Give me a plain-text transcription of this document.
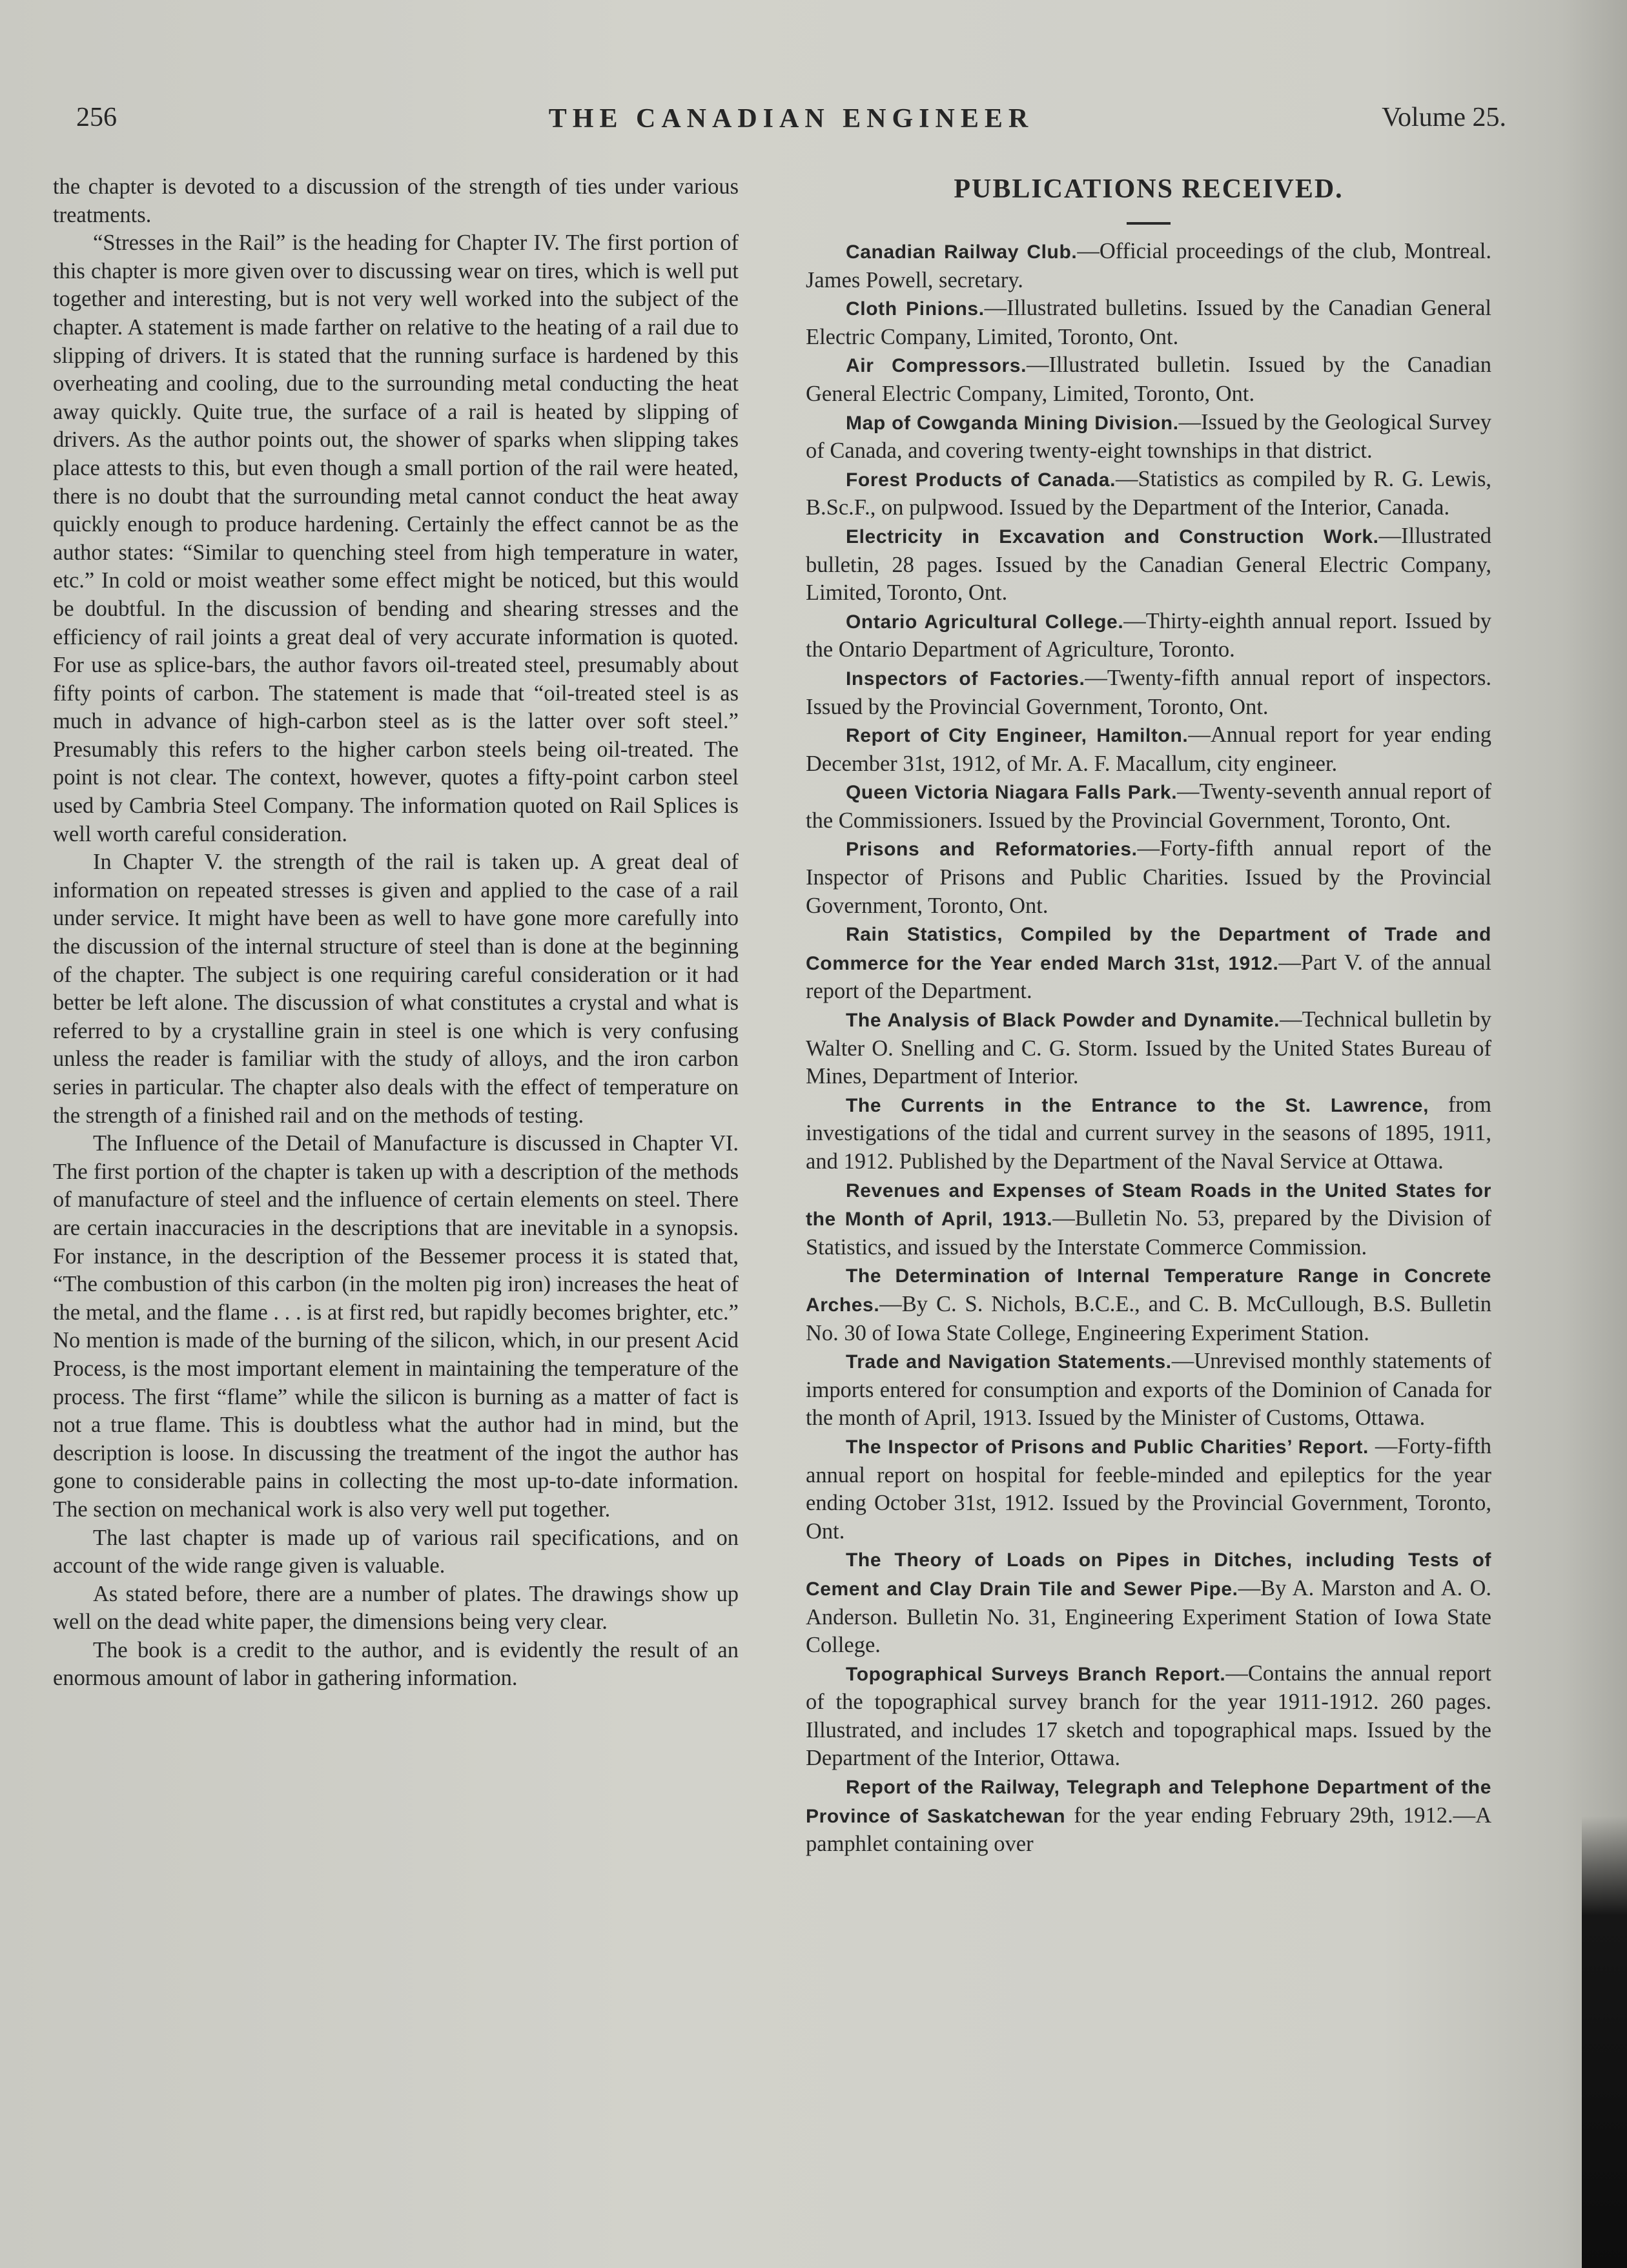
256	THE CANADIAN ENGINEER	Volume 25.

the chapter is devoted to a discussion of the strength of ties under various treatments.

“Stresses in the Rail” is the heading for Chapter IV. The first portion of this chapter is more given over to discussing wear on tires, which is well put together and interesting, but is not very well worked into the subject of the chapter. A statement is made farther on relative to the heating of a rail due to slipping of drivers. It is stated that the running surface is hardened by this overheating and cooling, due to the surrounding metal conducting the heat away quickly. Quite true, the surface of a rail is heated by slipping of drivers. As the author points out, the shower of sparks when slipping takes place attests to this, but even though a small portion of the rail were heated, there is no doubt that the surrounding metal cannot conduct the heat away quickly enough to produce hardening. Certainly the effect cannot be as the author states: “Similar to quenching steel from high temperature in water, etc.” In cold or moist weather some effect might be noticed, but this would be doubtful. In the discussion of bending and shearing stresses and the efficiency of rail joints a great deal of very accurate information is quoted. For use as splice-bars, the author favors oil-treated steel, presumably about fifty points of carbon. The statement is made that “oil-treated steel is as much in advance of high-carbon steel as is the latter over soft steel.” Presumably this refers to the higher carbon steels being oil-treated. The point is not clear. The context, however, quotes a fifty-point carbon steel used by Cambria Steel Company. The information quoted on Rail Splices is well worth careful consideration.

In Chapter V. the strength of the rail is taken up. A great deal of information on repeated stresses is given and applied to the case of a rail under service. It might have been as well to have gone more carefully into the discussion of the internal structure of steel than is done at the beginning of the chapter. The subject is one requiring careful consideration or it had better be left alone. The discussion of what constitutes a crystal and what is referred to by a crystalline grain in steel is one which is very confusing unless the reader is familiar with the study of alloys, and the iron carbon series in particular. The chapter also deals with the effect of temperature on the strength of a finished rail and on the methods of testing.

The Influence of the Detail of Manufacture is discussed in Chapter VI. The first portion of the chapter is taken up with a description of the methods of manufacture of steel and the influence of certain elements on steel. There are certain inaccuracies in the descriptions that are inevitable in a synopsis. For instance, in the description of the Bessemer process it is stated that, “The combustion of this carbon (in the molten pig iron) increases the heat of the metal, and the flame . . . is at first red, but rapidly becomes brighter, etc.” No mention is made of the burning of the silicon, which, in our present Acid Process, is the most important element in maintaining the temperature of the process. The first “flame” while the silicon is burning as a matter of fact is not a true flame. This is doubtless what the author had in mind, but the description is loose. In discussing the treatment of the ingot the author has gone to considerable pains in collecting the most up-to-date information. The section on mechanical work is also very well put together.

The last chapter is made up of various rail specifications, and on account of the wide range given is valuable.

As stated before, there are a number of plates. The drawings show up well on the dead white paper, the dimensions being very clear.

The book is a credit to the author, and is evidently the result of an enormous amount of labor in gathering information.

PUBLICATIONS RECEIVED.

Canadian Railway Club.—Official proceedings of the club, Montreal. James Powell, secretary.

Cloth Pinions.—Illustrated bulletins. Issued by the Canadian General Electric Company, Limited, Toronto, Ont.

Air Compressors.—Illustrated bulletin. Issued by the Canadian General Electric Company, Limited, Toronto, Ont.

Map of Cowganda Mining Division.—Issued by the Geological Survey of Canada, and covering twenty-eight townships in that district.

Forest Products of Canada.—Statistics as compiled by R. G. Lewis, B.Sc.F., on pulpwood. Issued by the Department of the Interior, Canada.

Electricity in Excavation and Construction Work.—Illustrated bulletin, 28 pages. Issued by the Canadian General Electric Company, Limited, Toronto, Ont.

Ontario Agricultural College.—Thirty-eighth annual report. Issued by the Ontario Department of Agriculture, Toronto.

Inspectors of Factories.—Twenty-fifth annual report of inspectors. Issued by the Provincial Government, Toronto, Ont.

Report of City Engineer, Hamilton.—Annual report for year ending December 31st, 1912, of Mr. A. F. Macallum, city engineer.

Queen Victoria Niagara Falls Park.—Twenty-seventh annual report of the Commissioners. Issued by the Provincial Government, Toronto, Ont.

Prisons and Reformatories.—Forty-fifth annual report of the Inspector of Prisons and Public Charities. Issued by the Provincial Government, Toronto, Ont.

Rain Statistics, Compiled by the Department of Trade and Commerce for the Year ended March 31st, 1912.—Part V. of the annual report of the Department.

The Analysis of Black Powder and Dynamite.—Technical bulletin by Walter O. Snelling and C. G. Storm. Issued by the United States Bureau of Mines, Department of Interior.

The Currents in the Entrance to the St. Lawrence, from investigations of the tidal and current survey in the seasons of 1895, 1911, and 1912. Published by the Department of the Naval Service at Ottawa.

Revenues and Expenses of Steam Roads in the United States for the Month of April, 1913.—Bulletin No. 53, prepared by the Division of Statistics, and issued by the Interstate Commerce Commission.

The Determination of Internal Temperature Range in Concrete Arches.—By C. S. Nichols, B.C.E., and C. B. McCullough, B.S. Bulletin No. 30 of Iowa State College, Engineering Experiment Station.

Trade and Navigation Statements.—Unrevised monthly statements of imports entered for consumption and exports of the Dominion of Canada for the month of April, 1913. Issued by the Minister of Customs, Ottawa.

The Inspector of Prisons and Public Charities’ Report. —Forty-fifth annual report on hospital for feeble-minded and epileptics for the year ending October 31st, 1912. Issued by the Provincial Government, Toronto, Ont.

The Theory of Loads on Pipes in Ditches, including Tests of Cement and Clay Drain Tile and Sewer Pipe.—By A. Marston and A. O. Anderson. Bulletin No. 31, Engineering Experiment Station of Iowa State College.

Topographical Surveys Branch Report.—Contains the annual report of the topographical survey branch for the year 1911-1912. 260 pages. Illustrated, and includes 17 sketch and topographical maps. Issued by the Department of the Interior, Ottawa.

Report of the Railway, Telegraph and Telephone Department of the Province of Saskatchewan for the year ending February 29th, 1912.—A pamphlet containing over
